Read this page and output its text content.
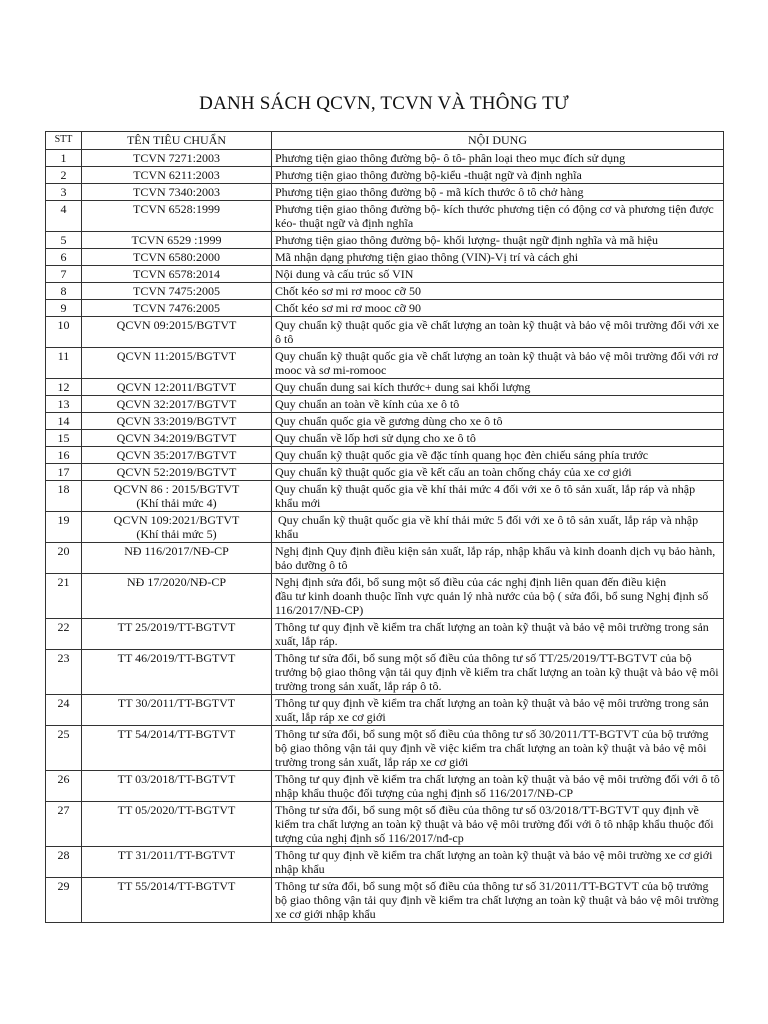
DANH SÁCH QCVN, TCVN VÀ THÔNG TƯ
STT	TÊN TIÊU CHUẨN	NỘI DUNG
1	TCVN 7271:2003	Phương tiện giao thông đường bộ- ô tô- phân loại theo mục đích sử dụng

2	TCVN 6211:2003	Phương tiện giao thông đường bộ-kiểu -thuật ngữ và định nghĩa

3	TCVN 7340:2003	Phương tiện giao thông đường bộ - mã kích thước ô tô chở hàng

4	TCVN 6528:1999	Phương tiện giao thông đường bộ- kích thước phương tiện có động cơ và phương tiện được kéo- thuật ngữ và định nghĩa

5	TCVN 6529 :1999	Phương tiện giao thông đường bộ- khối lượng- thuật ngữ định nghĩa và mã hiệu

6	TCVN 6580:2000	Mã nhận dạng phương tiện giao thông (VIN)-Vị trí và cách ghi

7	TCVN 6578:2014	Nội dung và cấu trúc số VIN

8	TCVN 7475:2005	Chốt kéo sơ mi rơ mooc cỡ 50

9	TCVN 7476:2005	Chốt kéo sơ mi rơ mooc cỡ 90

10	QCVN 09:2015/BGTVT	Quy chuẩn kỹ thuật quốc gia về chất lượng an toàn kỹ thuật và bảo vệ môi trường đối với xe ô tô

11	QCVN 11:2015/BGTVT	Quy chuẩn kỹ thuật quốc gia về chất lượng an toàn kỹ thuật và bảo vệ môi trường đối với rơ mooc và sơ mi-romooc

12	QCVN 12:2011/BGTVT	Quy chuẩn dung sai kích thước+ dung sai khối lượng

13	QCVN 32:2017/BGTVT	Quy chuẩn an toàn về kính của xe ô tô

14	QCVN 33:2019/BGTVT	Quy chuẩn quốc gia về gương dùng cho xe ô tô

15	QCVN 34:2019/BGTVT	Quy chuẩn về lốp hơi sử dụng cho xe ô tô

16	QCVN 35:2017/BGTVT	Quy chuẩn kỹ thuật quốc gia về đặc tính quang học đèn chiếu sáng phía trước

17	QCVN 52:2019/BGTVT	Quy chuẩn kỹ thuật quốc gia về kết cấu an toàn chống cháy của xe cơ giới

18	QCVN 86 : 2015/BGTVT
(Khí thải mức 4)	Quy chuẩn kỹ thuật quốc gia về khí thải mức 4 đối với xe ô tô sản xuất, lắp ráp và nhập khẩu mới

19	QCVN 109:2021/BGTVT
(Khí thải mức 5)	Quy chuẩn kỹ thuật quốc gia về khí thải mức 5 đối với xe ô tô sản xuất, lắp ráp và nhập khẩu

20	NĐ 116/2017/NĐ-CP	Nghị định Quy định điều kiện sản xuất, lắp ráp, nhập khẩu và kinh doanh dịch vụ bảo hành, bảo dưỡng ô tô

21	NĐ 17/2020/NĐ-CP	Nghị định sửa đổi, bổ sung một số điều của các nghị định liên quan đến điều kiện
đầu tư kinh doanh thuộc lĩnh vực quản lý nhà nước của bộ ( sửa đổi, bổ sung Nghị định số 116/2017/NĐ-CP)

22	TT 25/2019/TT-BGTVT	Thông tư quy định về kiểm tra chất lượng an toàn kỹ thuật và bảo vệ môi trường trong sản xuất, lắp ráp.

23	TT 46/2019/TT-BGTVT	Thông tư sửa đổi, bổ sung một số điều của thông tư số TT/25/2019/TT-BGTVT của bộ trưởng bộ giao thông vận tải quy định về kiểm tra chất lượng an toàn kỹ thuật và bảo vệ môi trường trong sản xuất, lắp ráp ô tô.

24	TT 30/2011/TT-BGTVT	Thông tư quy định về kiểm tra chất lượng an toàn kỹ thuật và bảo vệ môi trường trong sản xuất, lắp ráp xe cơ giới

25	TT 54/2014/TT-BGTVT	Thông tư sửa đổi, bổ sung một số điều của thông tư số 30/2011/TT-BGTVT của bộ trưởng bộ giao thông vận tải quy định về việc kiểm tra chất lượng an toàn kỹ thuật và bảo vệ môi trường trong sản xuất, lắp ráp xe cơ giới

26	TT 03/2018/TT-BGTVT	Thông tư quy định về kiểm tra chất lượng an toàn kỹ thuật và bảo vệ môi trường đối với ô tô nhập khẩu thuộc đối tượng của nghị định số 116/2017/NĐ-CP

27	TT 05/2020/TT-BGTVT	Thông tư sửa đổi, bổ sung một số điều của thông tư số 03/2018/TT-BGTVT quy định về kiểm tra chất lượng an toàn kỹ thuật và bảo vệ môi trường đối với ô tô nhập khẩu thuộc đối tượng của nghị định số 116/2017/nđ-cp

28	TT 31/2011/TT-BGTVT	Thông tư quy định về kiểm tra chất lượng an toàn kỹ thuật và bảo vệ môi trường xe cơ giới nhập khẩu

29	TT 55/2014/TT-BGTVT	Thông tư sửa đổi, bổ sung một số điều của thông tư số 31/2011/TT-BGTVT của bộ trưởng bộ giao thông vận tải quy định về kiểm tra chất lượng an toàn kỹ thuật và bảo vệ môi trường xe cơ giới nhập khẩu
